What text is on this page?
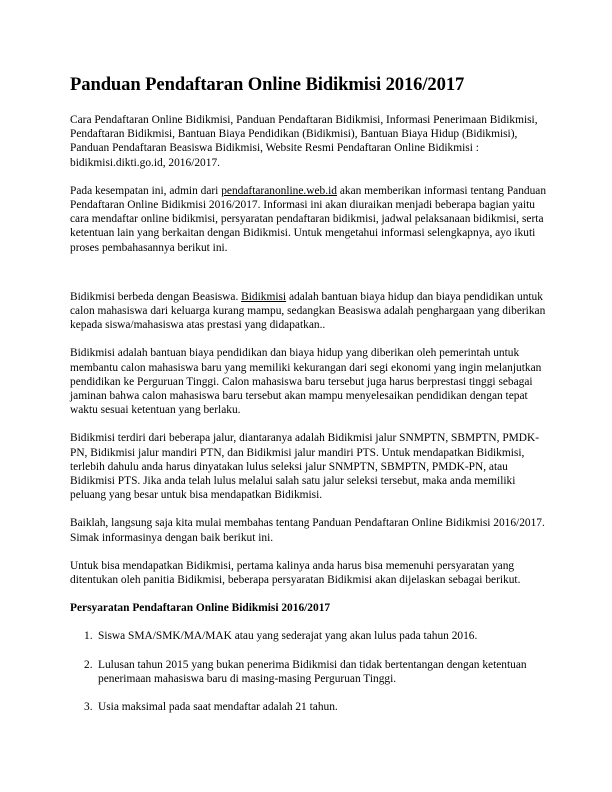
Panduan Pendaftaran Online Bidikmisi 2016/2017

Cara Pendaftaran Online Bidikmisi, Panduan Pendaftaran Bidikmisi, Informasi Penerimaan Bidikmisi, Pendaftaran Bidikmisi, Bantuan Biaya Pendidikan (Bidikmisi), Bantuan Biaya Hidup (Bidikmisi), Panduan Pendaftaran Beasiswa Bidikmisi, Website Resmi Pendaftaran Online Bidikmisi : bidikmisi.dikti.go.id, 2016/2017.

Pada kesempatan ini, admin dari pendaftaranonline.web.id akan memberikan informasi tentang Panduan Pendaftaran Online Bidikmisi 2016/2017. Informasi ini akan diuraikan menjadi beberapa bagian yaitu cara mendaftar online bidikmisi, persyaratan pendaftaran bidikmisi, jadwal pelaksanaan bidikmisi, serta ketentuan lain yang berkaitan dengan Bidikmisi. Untuk mengetahui informasi selengkapnya, ayo ikuti proses pembahasannya berikut ini.

Bidikmisi berbeda dengan Beasiswa. Bidikmisi adalah bantuan biaya hidup dan biaya pendidikan untuk calon mahasiswa dari keluarga kurang mampu, sedangkan Beasiswa adalah penghargaan yang diberikan kepada siswa/mahasiswa atas prestasi yang didapatkan..

Bidikmisi adalah bantuan biaya pendidikan dan biaya hidup yang diberikan oleh pemerintah untuk membantu calon mahasiswa baru yang memiliki kekurangan dari segi ekonomi yang ingin melanjutkan pendidikan ke Perguruan Tinggi. Calon mahasiswa baru tersebut juga harus berprestasi tinggi sebagai jaminan bahwa calon mahasiswa baru tersebut akan mampu menyelesaikan pendidikan dengan tepat waktu sesuai ketentuan yang berlaku.

Bidikmisi terdiri dari beberapa jalur, diantaranya adalah Bidikmisi jalur SNMPTN, SBMPTN, PMDK-PN, Bidikmisi jalur mandiri PTN, dan Bidikmisi jalur mandiri PTS. Untuk mendapatkan Bidikmisi, terlebih dahulu anda harus dinyatakan lulus seleksi jalur SNMPTN, SBMPTN, PMDK-PN, atau Bidikmisi PTS. Jika anda telah lulus melalui salah satu jalur seleksi tersebut, maka anda memiliki peluang yang besar untuk bisa mendapatkan Bidikmisi.

Baiklah, langsung saja kita mulai membahas tentang Panduan Pendaftaran Online Bidikmisi 2016/2017. Simak informasinya dengan baik berikut ini.

Untuk bisa mendapatkan Bidikmisi, pertama kalinya anda harus bisa memenuhi persyaratan yang ditentukan oleh panitia Bidikmisi, beberapa persyaratan Bidikmisi akan dijelaskan sebagai berikut.

Persyaratan Pendaftaran Online Bidikmisi 2016/2017
1. Siswa SMA/SMK/MA/MAK atau yang sederajat yang akan lulus pada tahun 2016.
2. Lulusan tahun 2015 yang bukan penerima Bidikmisi dan tidak bertentangan dengan ketentuan penerimaan mahasiswa baru di masing-masing Perguruan Tinggi.
3. Usia maksimal pada saat mendaftar adalah 21 tahun.
